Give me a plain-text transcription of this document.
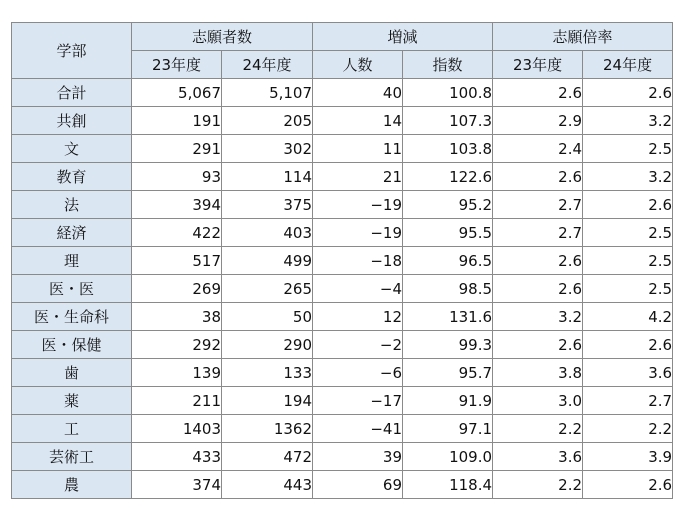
学部	志願者数		増減		志願倍率	
	23年度	24年度	人数	指数	23年度	24年度
合計	5,067	5,107	40	100.8	2.6	2.6
共創	191	205	14	107.3	2.9	3.2
文	291	302	11	103.8	2.4	2.5
教育	93	114	21	122.6	2.6	3.2
法	394	375	−19	95.2	2.7	2.6
経済	422	403	−19	95.5	2.7	2.5
理	517	499	−18	96.5	2.6	2.5
医・医	269	265	−4	98.5	2.6	2.5
医・生命科	38	50	12	131.6	3.2	4.2
医・保健	292	290	−2	99.3	2.6	2.6
歯	139	133	−6	95.7	3.8	3.6
薬	211	194	−17	91.9	3.0	2.7
工	1403	1362	−41	97.1	2.2	2.2
芸術工	433	472	39	109.0	3.6	3.9
農	374	443	69	118.4	2.2	2.6
